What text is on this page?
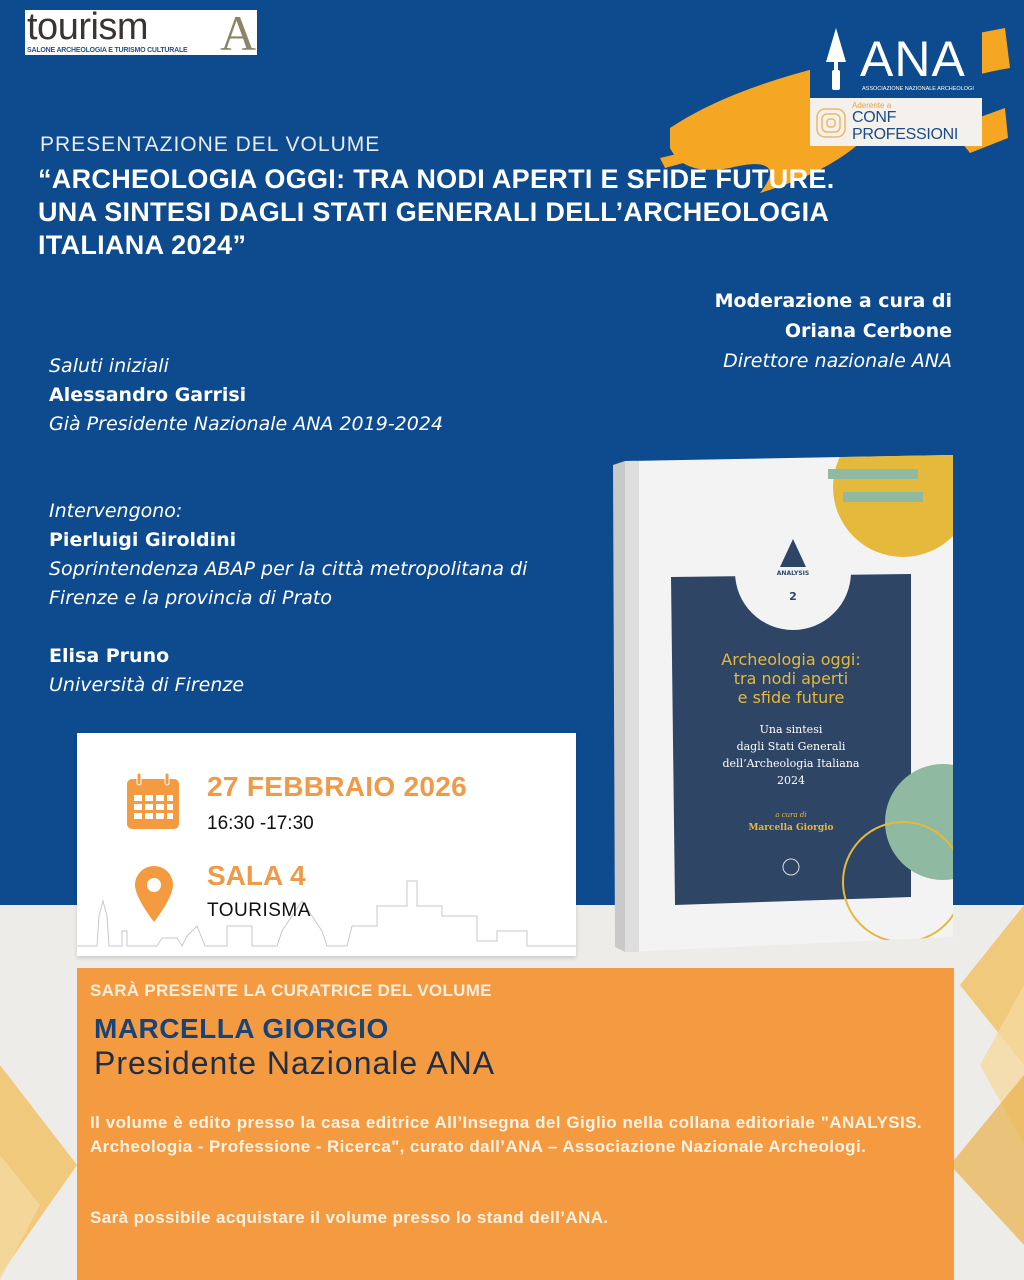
tourism A
SALONE ARCHEOLOGIA E TURISMO CULTURALE	ANA
ASSOCIAZIONE NAZIONALE ARCHEOLOGI
Aderente a
CONF
PROFESSIONI
PRESENTAZIONE DEL VOLUME
“ARCHEOLOGIA OGGI: TRA NODI APERTI E SFIDE FUTURE. UNA SINTESI DAGLI STATI GENERALI DELL’ARCHEOLOGIA ITALIANA 2024”
Moderazione a cura di
Oriana Cerbone
Direttore nazionale ANA
Saluti iniziali
Alessandro Garrisi
Già Presidente Nazionale ANA 2019-2024
Intervengono:
Pierluigi Giroldini
Soprintendenza ABAP per la città metropolitana di
Firenze e la provincia di Prato
Elisa Pruno
Università di Firenze
27 FEBBRAIO 2026
16:30 -17:30
SALA 4
TOURISMA
ANALYSIS
2
Archeologia oggi:
tra nodi aperti
e sfide future
Una sintesi
dagli Stati Generali
dell’Archeologia Italiana
2024
a cura di
Marcella Giorgio
SARÀ PRESENTE LA CURATRICE DEL VOLUME
MARCELLA GIORGIO
Presidente Nazionale ANA
Il volume è edito presso la casa editrice All’Insegna del Giglio nella collana editoriale "ANALYSIS. Archeologia - Professione - Ricerca", curato dall’ANA – Associazione Nazionale Archeologi.
Sarà possibile acquistare il volume presso lo stand dell’ANA.
